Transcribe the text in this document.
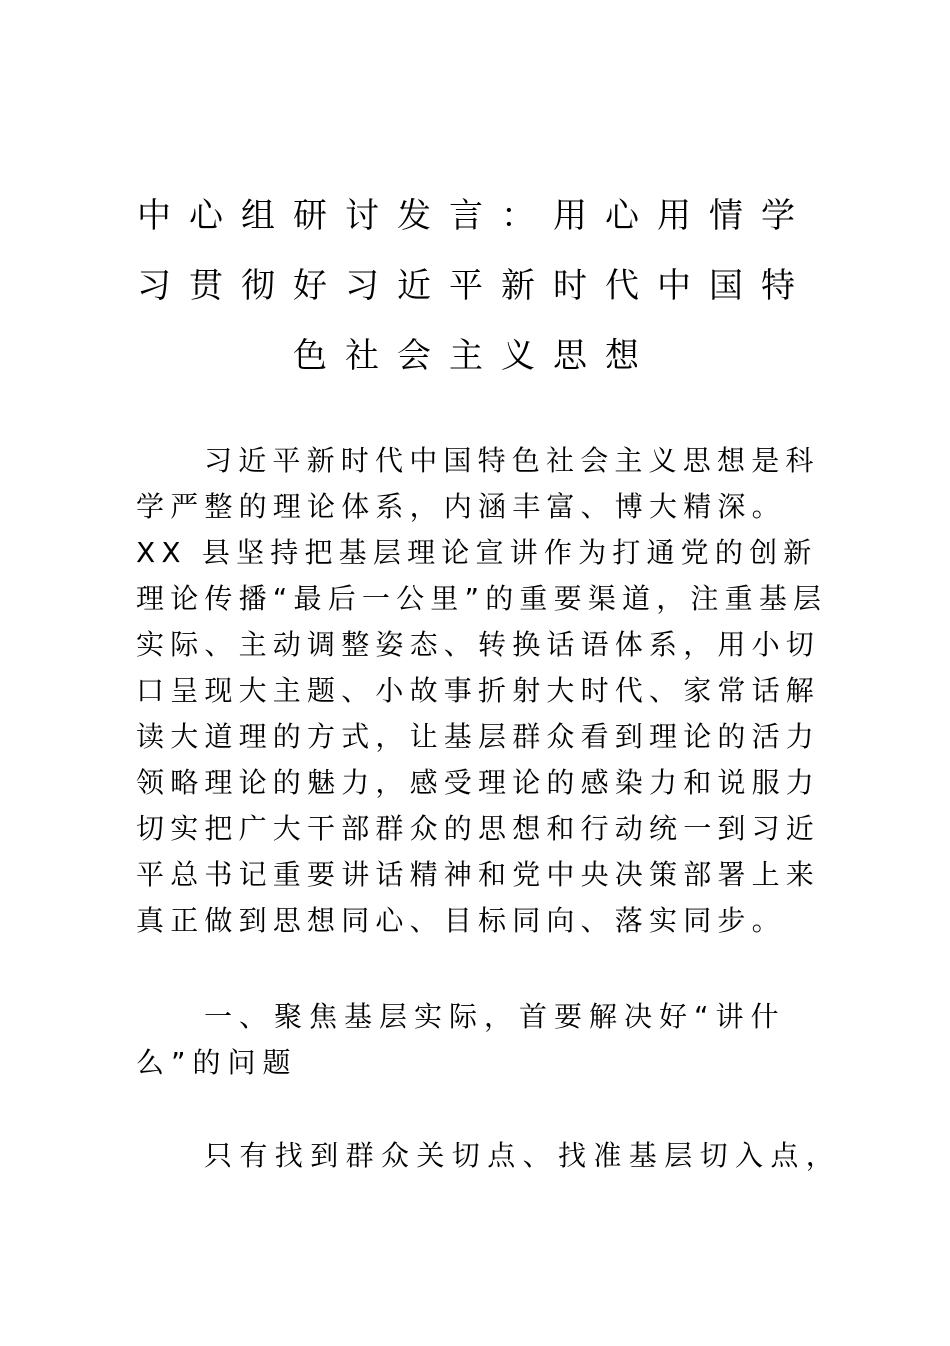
中心组研讨发言：用心用情学
习贯彻好习近平新时代中国特
色社会主义思想
习近平新时代中国特色社会主义思想是科
学严整的理论体系，内涵丰富、博大精深。
XX 县坚持把基层理论宣讲作为打通党的创新
理论传播“最后一公里”的重要渠道，注重基层
实际、主动调整姿态、转换话语体系，用小切
口呈现大主题、小故事折射大时代、家常话解
读大道理的方式，让基层群众看到理论的活力
领略理论的魅力，感受理论的感染力和说服力
切实把广大干部群众的思想和行动统一到习近
平总书记重要讲话精神和党中央决策部署上来
真正做到思想同心、目标同向、落实同步。
一、聚焦基层实际，首要解决好“讲什
么”的问题
只有找到群众关切点、找准基层切入点，
